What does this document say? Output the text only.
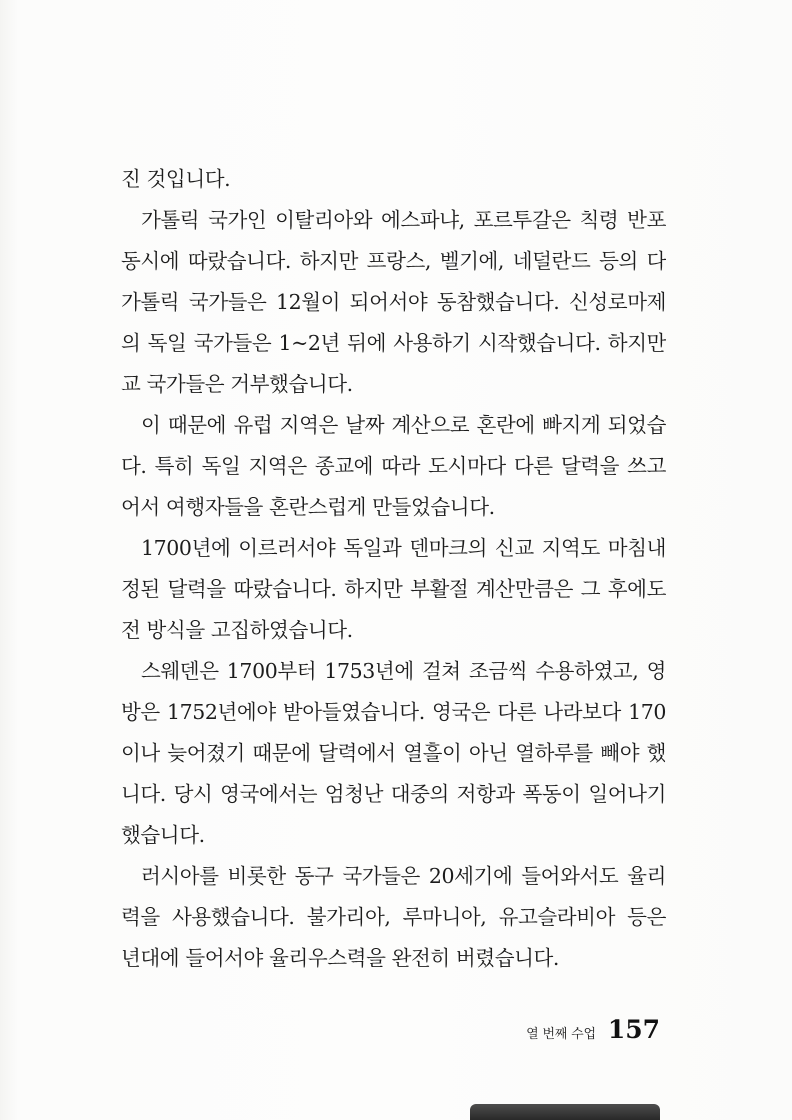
진 것입니다.
가톨릭 국가인 이탈리아와 에스파냐, 포르투갈은 칙령 반포
동시에 따랐습니다. 하지만 프랑스, 벨기에, 네덜란드 등의 다
가톨릭 국가들은 12월이 되어서야 동참했습니다. 신성로마제
의 독일 국가들은 1~2년 뒤에 사용하기 시작했습니다. 하지만
교 국가들은 거부했습니다.
이 때문에 유럽 지역은 날짜 계산으로 혼란에 빠지게 되었습
다. 특히 독일 지역은 종교에 따라 도시마다 다른 달력을 쓰고
어서 여행자들을 혼란스럽게 만들었습니다.
1700년에 이르러서야 독일과 덴마크의 신교 지역도 마침내
정된 달력을 따랐습니다. 하지만 부활절 계산만큼은 그 후에도
전 방식을 고집하였습니다.
스웨덴은 1700부터 1753년에 걸쳐 조금씩 수용하였고, 영
방은 1752년에야 받아들였습니다. 영국은 다른 나라보다 170
이나 늦어졌기 때문에 달력에서 열흘이 아닌 열하루를 빼야 했
니다. 당시 영국에서는 엄청난 대중의 저항과 폭동이 일어나기
했습니다.
러시아를 비롯한 동구 국가들은 20세기에 들어와서도 율리
력을 사용했습니다. 불가리아, 루마니아, 유고슬라비아 등은
년대에 들어서야 율리우스력을 완전히 버렸습니다.
열 번째 수업 157
